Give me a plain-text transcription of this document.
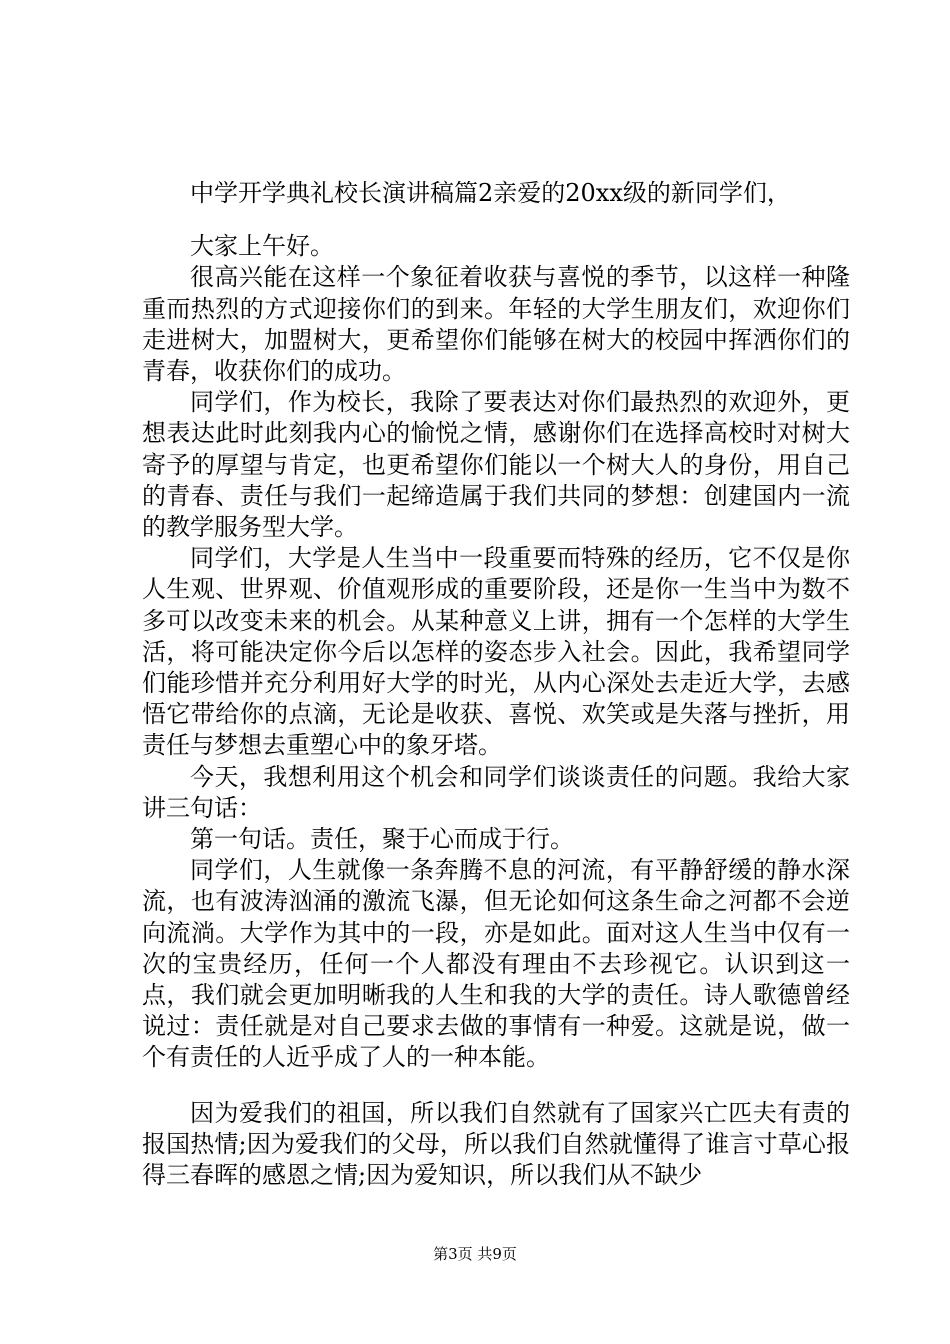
中学开学典礼校长演讲稿篇2亲爱的20xx级的新同学们，

大家上午好。

很高兴能在这样一个象征着收获与喜悦的季节，以这样一种隆重而热烈的方式迎接你们的到来。年轻的大学生朋友们，欢迎你们走进树大，加盟树大，更希望你们能够在树大的校园中挥洒你们的青春，收获你们的成功。

同学们，作为校长，我除了要表达对你们最热烈的欢迎外，更想表达此时此刻我内心的愉悦之情，感谢你们在选择高校时对树大寄予的厚望与肯定，也更希望你们能以一个树大人的身份，用自己的青春、责任与我们一起缔造属于我们共同的梦想：创建国内一流的教学服务型大学。

同学们，大学是人生当中一段重要而特殊的经历，它不仅是你人生观、世界观、价值观形成的重要阶段，还是你一生当中为数不多可以改变未来的机会。从某种意义上讲，拥有一个怎样的大学生活，将可能决定你今后以怎样的姿态步入社会。因此，我希望同学们能珍惜并充分利用好大学的时光，从内心深处去走近大学，去感悟它带给你的点滴，无论是收获、喜悦、欢笑或是失落与挫折，用责任与梦想去重塑心中的象牙塔。

今天，我想利用这个机会和同学们谈谈责任的问题。我给大家讲三句话：

第一句话。责任，聚于心而成于行。

同学们，人生就像一条奔腾不息的河流，有平静舒缓的静水深流，也有波涛汹涌的激流飞瀑，但无论如何这条生命之河都不会逆向流淌。大学作为其中的一段，亦是如此。面对这人生当中仅有一次的宝贵经历，任何一个人都没有理由不去珍视它。认识到这一点，我们就会更加明晰我的人生和我的大学的责任。诗人歌德曾经说过：责任就是对自己要求去做的事情有一种爱。这就是说，做一个有责任的人近乎成了人的一种本能。

因为爱我们的祖国，所以我们自然就有了国家兴亡匹夫有责的报国热情;因为爱我们的父母，所以我们自然就懂得了谁言寸草心报得三春晖的感恩之情;因为爱知识，所以我们从不缺少

第3页 共9页
